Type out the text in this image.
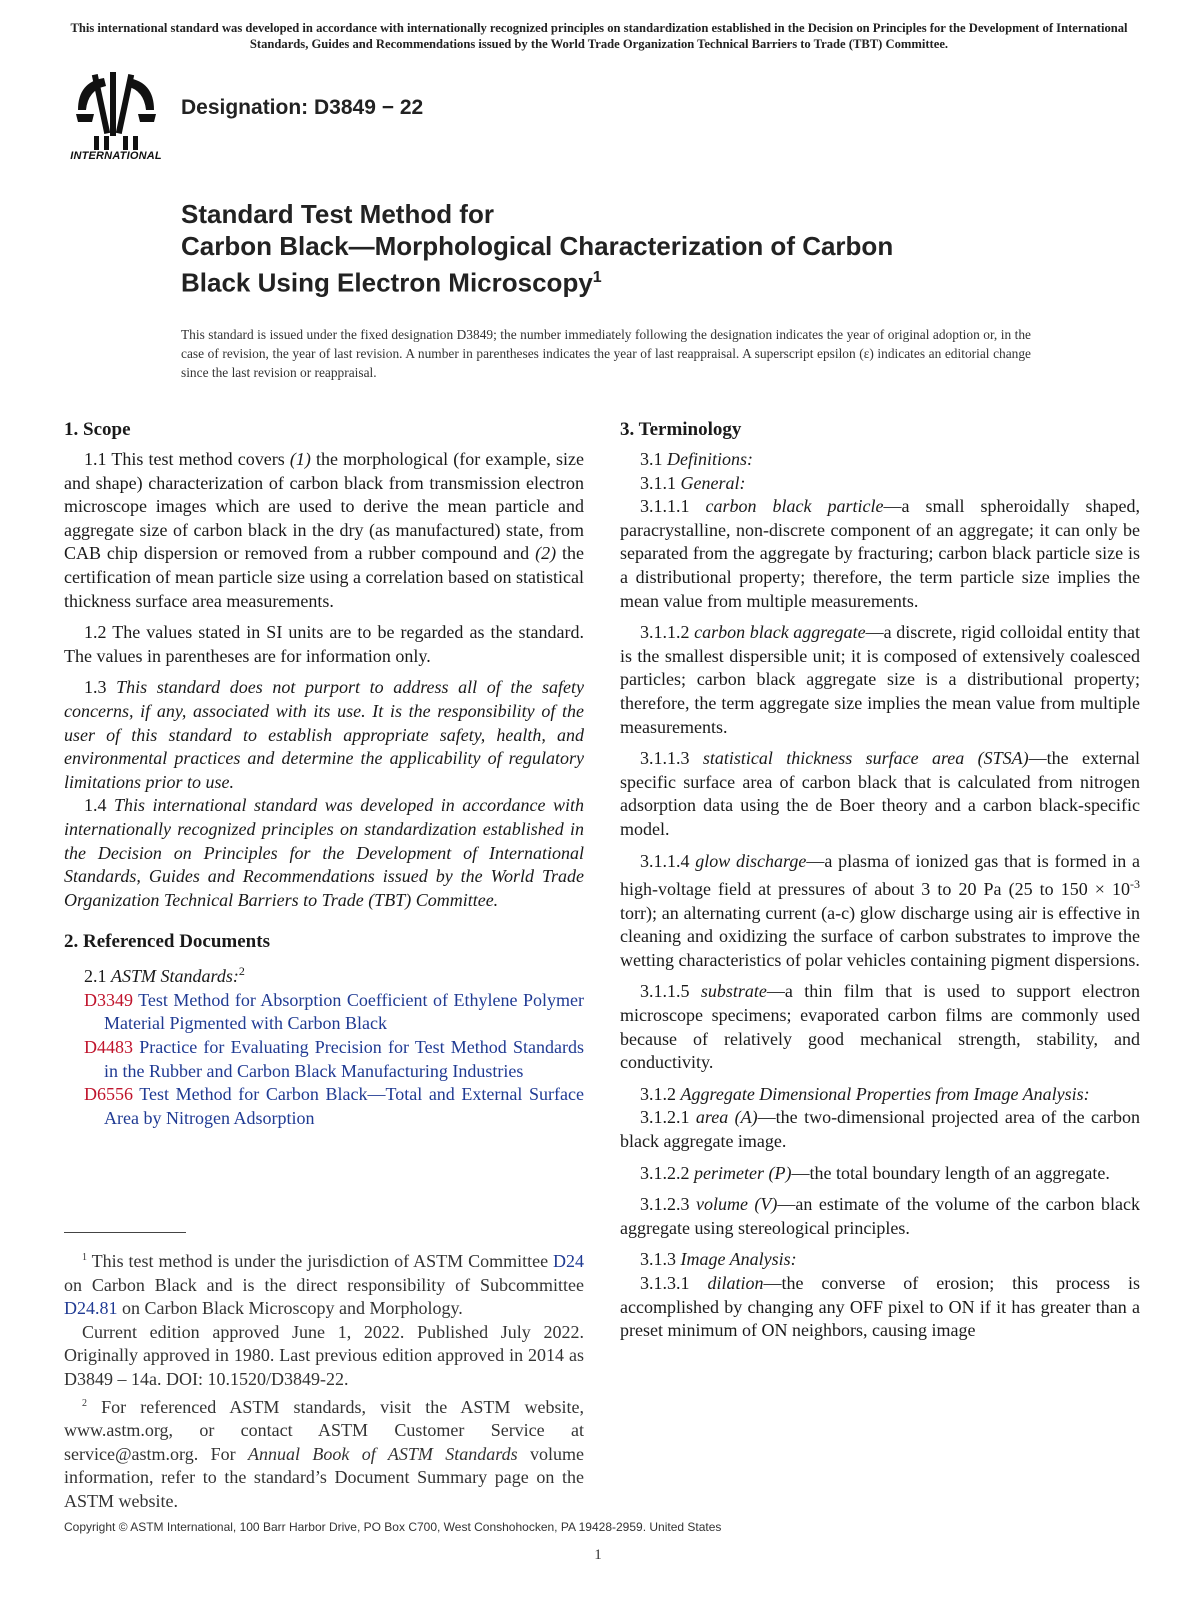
This international standard was developed in accordance with internationally recognized principles on standardization established in the Decision on Principles for the Development of International Standards, Guides and Recommendations issued by the World Trade Organization Technical Barriers to Trade (TBT) Committee.
INTERNATIONAL
Designation: D3849 − 22
Standard Test Method for
Carbon Black—Morphological Characterization of Carbon
Black Using Electron Microscopy$^1$
This standard is issued under the fixed designation D3849; the number immediately following the designation indicates the year of original adoption or, in the case of revision, the year of last revision. A number in parentheses indicates the year of last reappraisal. A superscript epsilon (ε) indicates an editorial change since the last revision or reappraisal.
1. Scope

1.1 This test method covers (1) the morphological (for example, size and shape) characterization of carbon black from transmission electron microscope images which are used to derive the mean particle and aggregate size of carbon black in the dry (as manufactured) state, from CAB chip dispersion or removed from a rubber compound and (2) the certification of mean particle size using a correlation based on statistical thickness surface area measurements.

1.2 The values stated in SI units are to be regarded as the standard. The values in parentheses are for information only.

1.3 This standard does not purport to address all of the safety concerns, if any, associated with its use. It is the responsibility of the user of this standard to establish appropriate safety, health, and environmental practices and determine the applicability of regulatory limitations prior to use.

1.4 This international standard was developed in accordance with internationally recognized principles on standardization established in the Decision on Principles for the Development of International Standards, Guides and Recommendations issued by the World Trade Organization Technical Barriers to Trade (TBT) Committee.

2. Referenced Documents

2.1 ASTM Standards:$^2$

D3349 Test Method for Absorption Coefficient of Ethylene Polymer Material Pigmented with Carbon Black
D4483 Practice for Evaluating Precision for Test Method Standards in the Rubber and Carbon Black Manufacturing Industries
D6556 Test Method for Carbon Black—Total and External Surface Area by Nitrogen Adsorption
3. Terminology

3.1 Definitions:

3.1.1 General:

3.1.1.1 carbon black particle—a small spheroidally shaped, paracrystalline, non-discrete component of an aggregate; it can only be separated from the aggregate by fracturing; carbon black particle size is a distributional property; therefore, the term particle size implies the mean value from multiple measurements.

3.1.1.2 carbon black aggregate—a discrete, rigid colloidal entity that is the smallest dispersible unit; it is composed of extensively coalesced particles; carbon black aggregate size is a distributional property; therefore, the term aggregate size implies the mean value from multiple measurements.

3.1.1.3 statistical thickness surface area (STSA)—the external specific surface area of carbon black that is calculated from nitrogen adsorption data using the de Boer theory and a carbon black-specific model.

3.1.1.4 glow discharge—a plasma of ionized gas that is formed in a high-voltage field at pressures of about 3 to 20 Pa (25 to $150 \times 10^{-3}$ torr); an alternating current (a-c) glow discharge using air is effective in cleaning and oxidizing the surface of carbon substrates to improve the wetting characteristics of polar vehicles containing pigment dispersions.

3.1.1.5 substrate—a thin film that is used to support electron microscope specimens; evaporated carbon films are commonly used because of relatively good mechanical strength, stability, and conductivity.

3.1.2 Aggregate Dimensional Properties from Image Analysis:

3.1.2.1 area (A)—the two-dimensional projected area of the carbon black aggregate image.

3.1.2.2 perimeter (P)—the total boundary length of an aggregate.

3.1.2.3 volume (V)—an estimate of the volume of the carbon black aggregate using stereological principles.

3.1.3 Image Analysis:

3.1.3.1 dilation—the converse of erosion; this process is accomplished by changing any OFF pixel to ON if it has greater than a preset minimum of ON neighbors, causing image

$^1$ This test method is under the jurisdiction of ASTM Committee D24 on Carbon Black and is the direct responsibility of Subcommittee D24.81 on Carbon Black Microscopy and Morphology.

Current edition approved June 1, 2022. Published July 2022. Originally approved in 1980. Last previous edition approved in 2014 as D3849 – 14a. DOI: 10.1520/D3849-22.

$^2$ For referenced ASTM standards, visit the ASTM website, www.astm.org, or contact ASTM Customer Service at service@astm.org. For Annual Book of ASTM Standards volume information, refer to the standard’s Document Summary page on the ASTM website.

Copyright © ASTM International, 100 Barr Harbor Drive, PO Box C700, West Conshohocken, PA 19428-2959. United States
1
